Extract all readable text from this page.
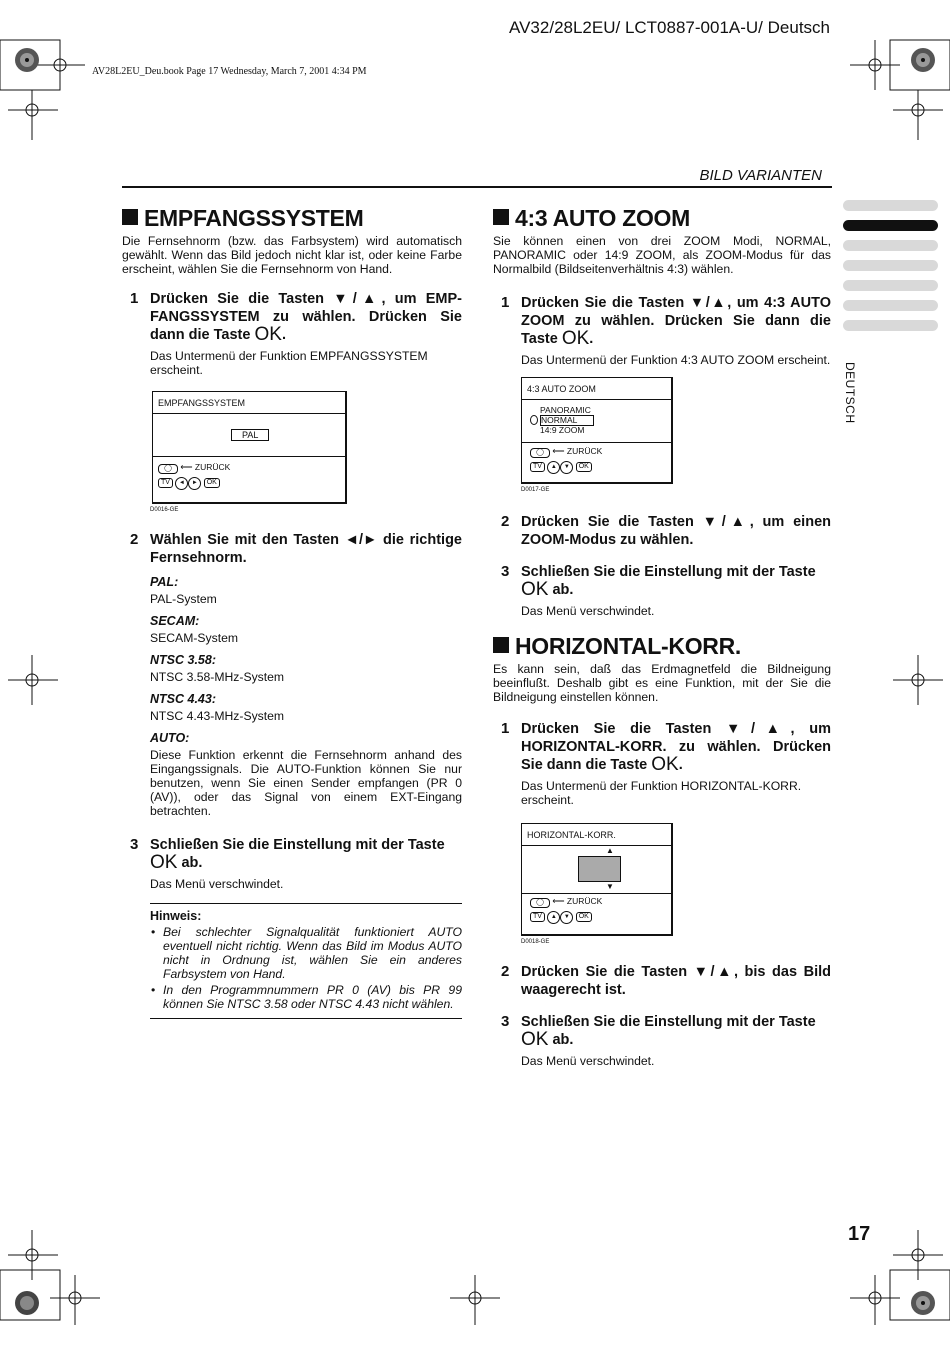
AV32/28L2EU/ LCT0887-001A-U/ Deutsch
AV28L2EU_Deu.book Page 17 Wednesday, March 7, 2001 4:34 PM
BILD VARIANTEN
DEUTSCH
EMPFANGSSYSTEM

Die Fernsehnorm (bzw. das Farbsystem) wird automatisch gewählt. Wenn das Bild jedoch nicht klar ist, oder keine Farbe erscheint, wählen Sie die Fernsehnorm von Hand.

1 Drücken Sie die Tasten ▼/▲, um EMP-FANGSSYSTEM zu wählen. Drücken Sie dann die Taste OK.
Das Untermenü der Funktion EMPFANGSSYSTEM erscheint.
EMPFANGSSYSTEM
PAL
◯ ⟵ ZURÜCK
TV ◄ ► OK
D0016-GE
2 Wählen Sie mit den Tasten ◄/► die richtige Fernsehnorm.
PAL:
PAL-System
SECAM:
SECAM-System
NTSC 3.58:
NTSC 3.58-MHz-System
NTSC 4.43:
NTSC 4.43-MHz-System
AUTO:
Diese Funktion erkennt die Fernsehnorm anhand des Eingangssignals. Die AUTO-Funktion können Sie nur benutzen, wenn Sie einen Sender empfangen (PR 0 (AV)), oder das Signal von einem EXT-Eingang betrachten.
3 Schließen Sie die Einstellung mit der Taste
OK ab.
Das Menü verschwindet.
Hinweis:
• Bei schlechter Signalqualität funktioniert AUTO eventuell nicht richtig. Wenn das Bild im Modus AUTO nicht in Ordnung ist, wählen Sie ein anderes Farbsystem von Hand.
• In den Programmnummern PR 0 (AV) bis PR 99 können Sie NTSC 3.58 oder NTSC 4.43 nicht wählen.
4:3 AUTO ZOOM

Sie können einen von drei ZOOM Modi, NORMAL, PANORAMIC oder 14:9 ZOOM, als ZOOM-Modus für das Normalbild (Bildseitenverhältnis 4:3) wählen.

1 Drücken Sie die Tasten ▼/▲, um 4:3 AUTO ZOOM zu wählen. Drücken Sie dann die Taste OK.
Das Untermenü der Funktion 4:3 AUTO ZOOM erscheint.
4:3 AUTO ZOOM
PANORAMIC
NORMAL
14:9 ZOOM
◯ ⟵ ZURÜCK
TV ▲ ▼ OK
D0017-GE
2 Drücken Sie die Tasten ▼/▲, um einen ZOOM-Modus zu wählen.
3 Schließen Sie die Einstellung mit der Taste
OK ab.
Das Menü verschwindet.
HORIZONTAL-KORR.

Es kann sein, daß das Erdmagnetfeld die Bildneigung beeinflußt. Deshalb gibt es eine Funktion, mit der Sie die Bildneigung einstellen können.

1 Drücken Sie die Tasten ▼/▲, um HORIZONTAL-KORR. zu wählen. Drücken Sie dann die Taste OK.
Das Untermenü der Funktion HORIZONTAL-KORR. erscheint.
HORIZONTAL-KORR.
▲
▼
◯ ⟵ ZURÜCK
TV ▲ ▼ OK
D0018-GE
2 Drücken Sie die Tasten ▼/▲, bis das Bild waagerecht ist.
3 Schließen Sie die Einstellung mit der Taste
OK ab.
Das Menü verschwindet.
17
